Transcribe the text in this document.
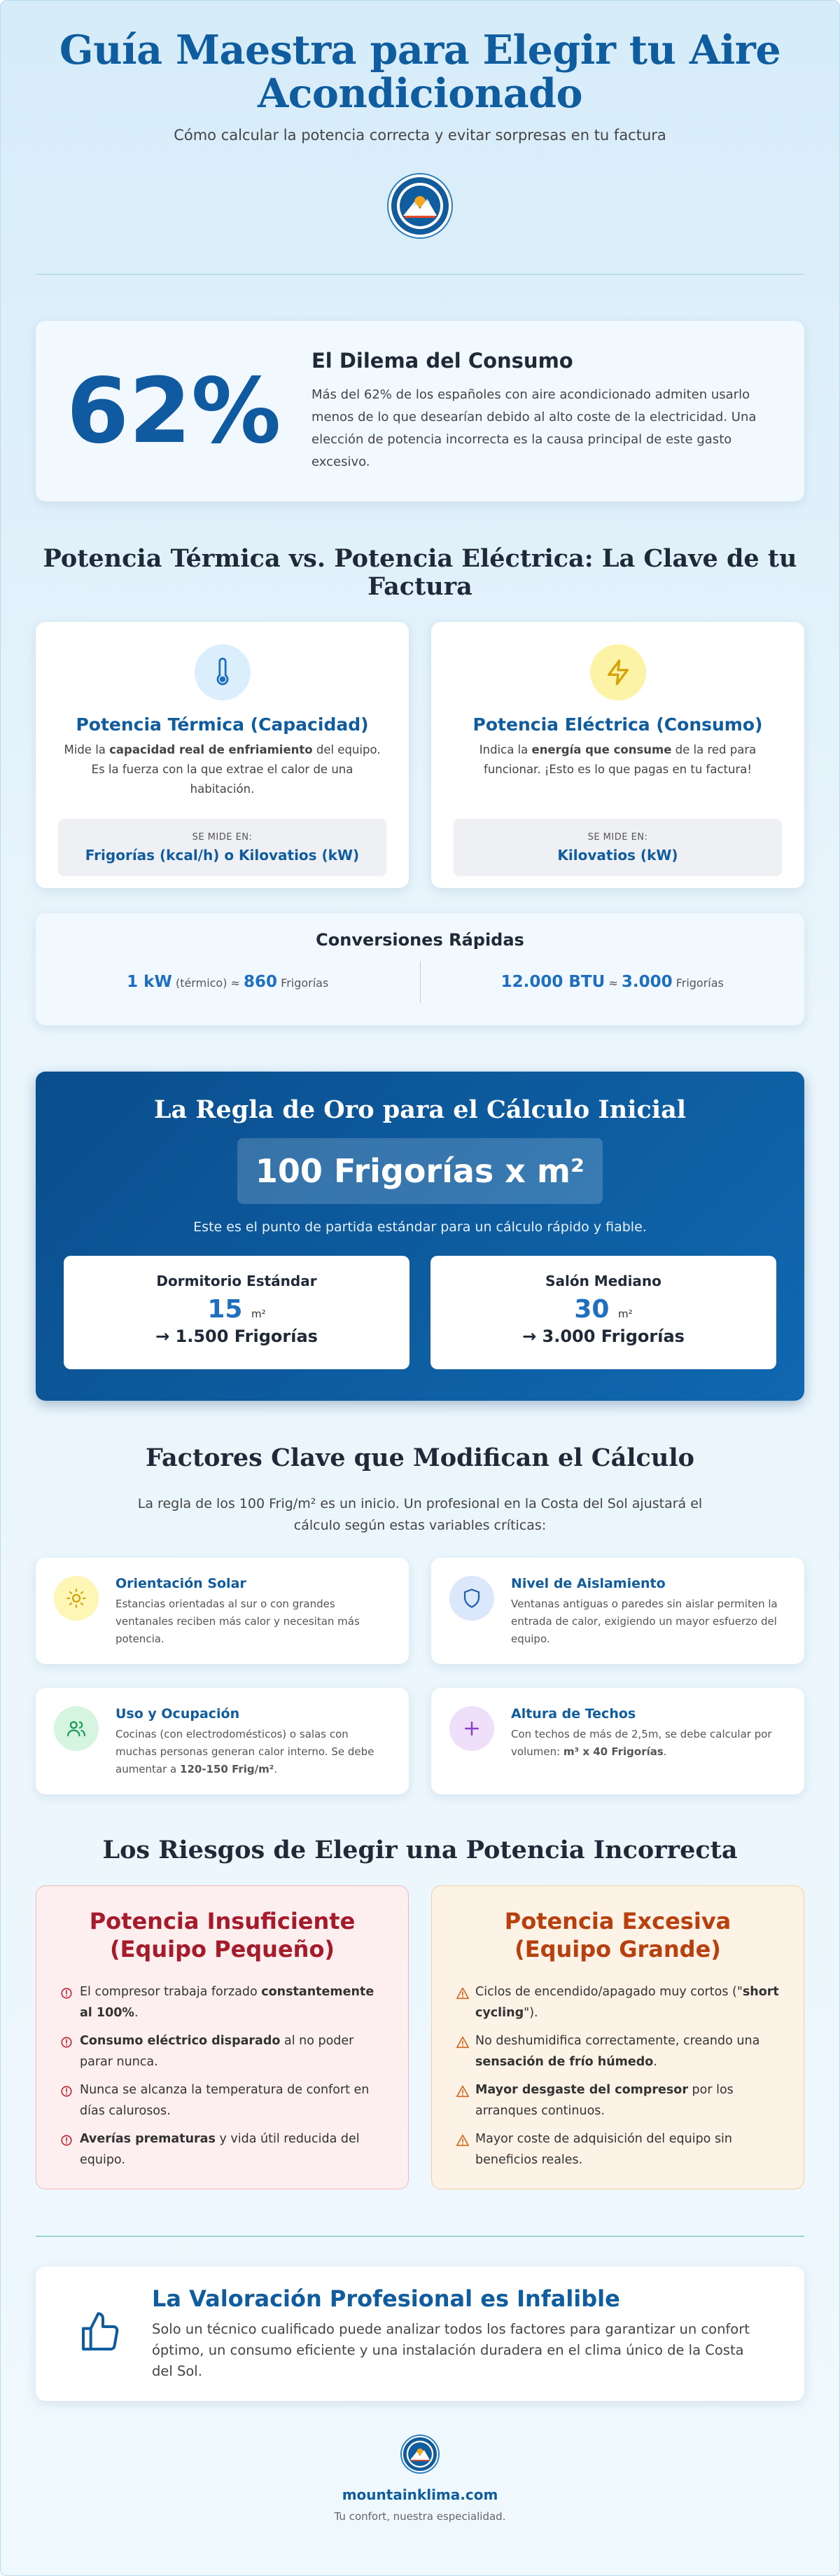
Guía Maestra para Elegir tu Aire Acondicionado

Cómo calcular la potencia correcta y evitar sorpresas en tu factura

62%	El Dilema del Consumo

Más del 62% de los españoles con aire acondicionado admiten usarlo menos de lo que desearían debido al alto coste de la electricidad. Una elección de potencia incorrecta es la causa principal de este gasto excesivo.

Potencia Térmica vs. Potencia Eléctrica: La Clave de tu Factura
Potencia Térmica (Capacidad)

Mide la capacidad real de enfriamiento del equipo. Es la fuerza con la que extrae el calor de una habitación.

SE MIDE EN:
Frigorías (kcal/h) o Kilovatios (kW)
Potencia Eléctrica (Consumo)

Indica la energía que consume de la red para funcionar. ¡Esto es lo que pagas en tu factura!

SE MIDE EN:
Kilovatios (kW)
Conversiones Rápidas
1 kW (térmico) ≈ 860 Frigorías	12.000 BTU ≈ 3.000 Frigorías
La Regla de Oro para el Cálculo Inicial
100 Frigorías x m²

Este es el punto de partida estándar para un cálculo rápido y fiable.

Dormitorio Estándar
15 m²
→ 1.500 Frigorías
Salón Mediano
30 m²
→ 3.000 Frigorías
Factores Clave que Modifican el Cálculo

La regla de los 100 Frig/m² es un inicio. Un profesional en la Costa del Sol ajustará el cálculo según estas variables críticas:

Orientación Solar

Estancias orientadas al sur o con grandes ventanales reciben más calor y necesitan más potencia.

Nivel de Aislamiento

Ventanas antiguas o paredes sin aislar permiten la entrada de calor, exigiendo un mayor esfuerzo del equipo.

Uso y Ocupación

Cocinas (con electrodomésticos) o salas con muchas personas generan calor interno. Se debe aumentar a 120-150 Frig/m².

Altura de Techos

Con techos de más de 2,5m, se debe calcular por volumen: m³ x 40 Frigorías.

Los Riesgos de Elegir una Potencia Incorrecta
Potencia Insuficiente (Equipo Pequeño)
El compresor trabaja forzado constantemente al 100%.
Consumo eléctrico disparado al no poder parar nunca.
Nunca se alcanza la temperatura de confort en días calurosos.
Averías prematuras y vida útil reducida del equipo.
Potencia Excesiva (Equipo Grande)
Ciclos de encendido/apagado muy cortos ("short cycling").
No deshumidifica correctamente, creando una sensación de frío húmedo.
Mayor desgaste del compresor por los arranques continuos.
Mayor coste de adquisición del equipo sin beneficios reales.
La Valoración Profesional es Infalible

Solo un técnico cualificado puede analizar todos los factores para garantizar un confort óptimo, un consumo eficiente y una instalación duradera en el clima único de la Costa del Sol.

mountainklima.com
Tu confort, nuestra especialidad.
